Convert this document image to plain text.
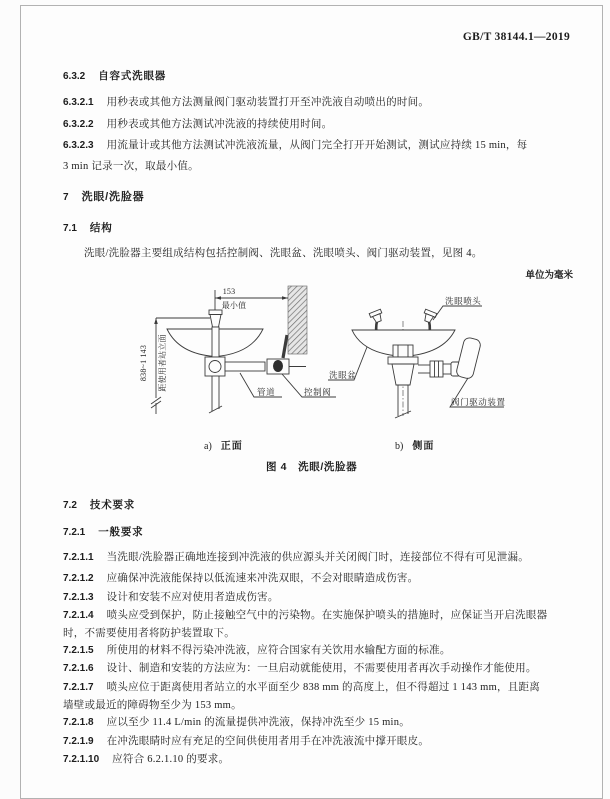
GB/T 38144.1—2019
6.3.2 自容式洗眼器
6.3.2.1 用秒表或其他方法测量阀门驱动装置打开至冲洗液自动喷出的时间。
6.3.2.2 用秒表或其他方法测试冲洗液的持续使用时间。
6.3.2.3 用流量计或其他方法测试冲洗液流量，从阀门完全打开开始测试，测试应持续 15 min，每
3 min 记录一次，取最小值。
7 洗眼/洗脸器
7.1 结构
洗眼/洗脸器主要组成结构包括控制阀、洗眼盆、洗眼喷头、阀门驱动装置，见图 4。
单位为毫米
153
最小值
838~1 143 距使用者站立面
管道	控制阀
洗眼喷头
洗眼盆
阀门驱动装置
a) 正面	b) 侧面
图 4　洗眼/洗脸器
7.2 技术要求
7.2.1 一般要求
7.2.1.1 当洗眼/洗脸器正确地连接到冲洗液的供应源头并关闭阀门时，连接部位不得有可见泄漏。
7.2.1.2 应确保冲洗液能保持以低流速来冲洗双眼，不会对眼睛造成伤害。
7.2.1.3 设计和安装不应对使用者造成伤害。
7.2.1.4 喷头应受到保护，防止接触空气中的污染物。在实施保护喷头的措施时，应保证当开启洗眼器
时，不需要使用者将防护装置取下。
7.2.1.5 所使用的材料不得污染冲洗液，应符合国家有关饮用水输配方面的标准。
7.2.1.6 设计、制造和安装的方法应为：一旦启动就能使用，不需要使用者再次手动操作才能使用。
7.2.1.7 喷头应位于距离使用者站立的水平面至少 838 mm 的高度上，但不得超过 1 143 mm，且距离
墙壁或最近的障碍物至少为 153 mm。
7.2.1.8 应以至少 11.4 L/min 的流量提供冲洗液，保持冲洗至少 15 min。
7.2.1.9 在冲洗眼睛时应有充足的空间供使用者用手在冲洗液流中撑开眼皮。
7.2.1.10 应符合 6.2.1.10 的要求。
